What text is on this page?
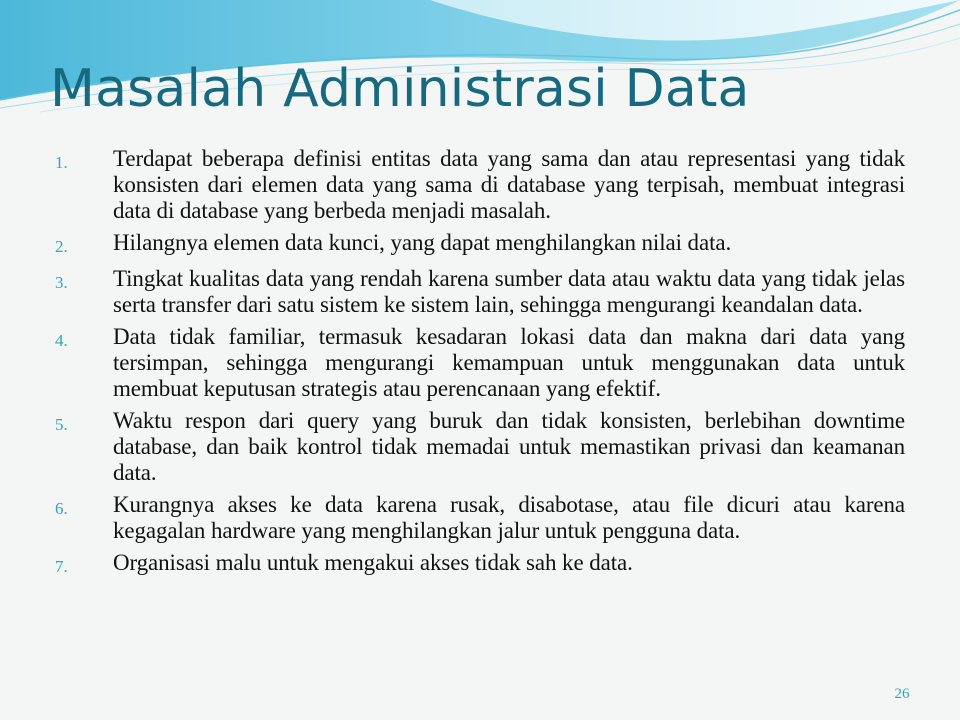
Masalah Administrasi Data
1.	Terdapat beberapa definisi entitas data yang sama dan atau representasi yang tidak konsisten dari elemen data yang sama di database yang terpisah, membuat integrasi data di database yang berbeda menjadi masalah.
2.	Hilangnya elemen data kunci, yang dapat menghilangkan nilai data.
3.	Tingkat kualitas data yang rendah karena sumber data atau waktu data yang tidak jelas serta transfer dari satu sistem ke sistem lain, sehingga mengurangi keandalan data.
4.	Data tidak familiar, termasuk kesadaran lokasi data dan makna dari data yang tersimpan, sehingga mengurangi kemampuan untuk menggunakan data untuk membuat keputusan strategis atau perencanaan yang efektif.
5.	Waktu respon dari query yang buruk dan tidak konsisten, berlebihan downtime database, dan baik kontrol tidak memadai untuk memastikan privasi dan keamanan data.
6.	Kurangnya akses ke data karena rusak, disabotase, atau file dicuri atau karena kegagalan hardware yang menghilangkan jalur untuk pengguna data.
7.	Organisasi malu untuk mengakui akses tidak sah ke data.
26
